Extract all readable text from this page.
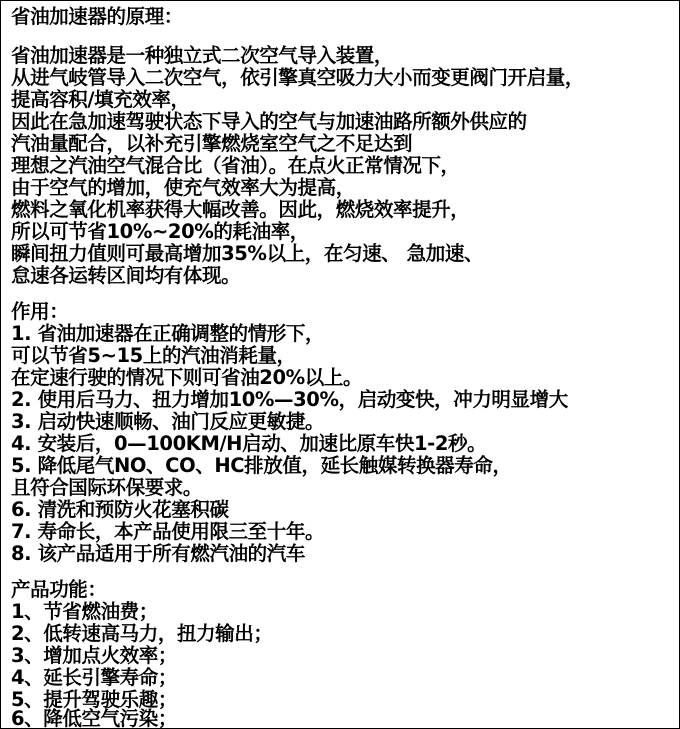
省油加速器的原理：
省油加速器是一种独立式二次空气导入装置，
从进气岐管导入二次空气，依引擎真空吸力大小而变更阀门开启量，
提高容积/填充效率，
因此在急加速驾驶状态下导入的空气与加速油路所额外供应的
汽油量配合，以补充引擎燃烧室空气之不足达到
理想之汽油空气混合比（省油）。在点火正常情况下，
由于空气的增加，使充气效率大为提高，
燃料之氧化机率获得大幅改善。因此，燃烧效率提升，
所以可节省10%~20%的耗油率，
瞬间扭力值则可最高增加35%以上，在匀速、 急加速、
怠速各运转区间均有体现。
作用：
1. 省油加速器在正确调整的情形下，
可以节省5~15上的汽油消耗量，
在定速行驶的情况下则可省油20%以上。
2. 使用后马力、扭力增加10%—30%，启动变快，冲力明显增大
3. 启动快速顺畅、油门反应更敏捷。
4. 安装后，0—100KM/H启动、加速比原车快1-2秒。
5. 降低尾气NO、CO、HC排放值，延长触媒转换器寿命，
且符合国际环保要求。
6. 清洗和预防火花塞积碳
7. 寿命长，本产品使用限三至十年。
8. 该产品适用于所有燃汽油的汽车
产品功能：
1、节省燃油费；
2、低转速高马力，扭力输出；
3、增加点火效率；
4、延长引擎寿命；
5、提升驾驶乐趣；
6、降低空气污染；
